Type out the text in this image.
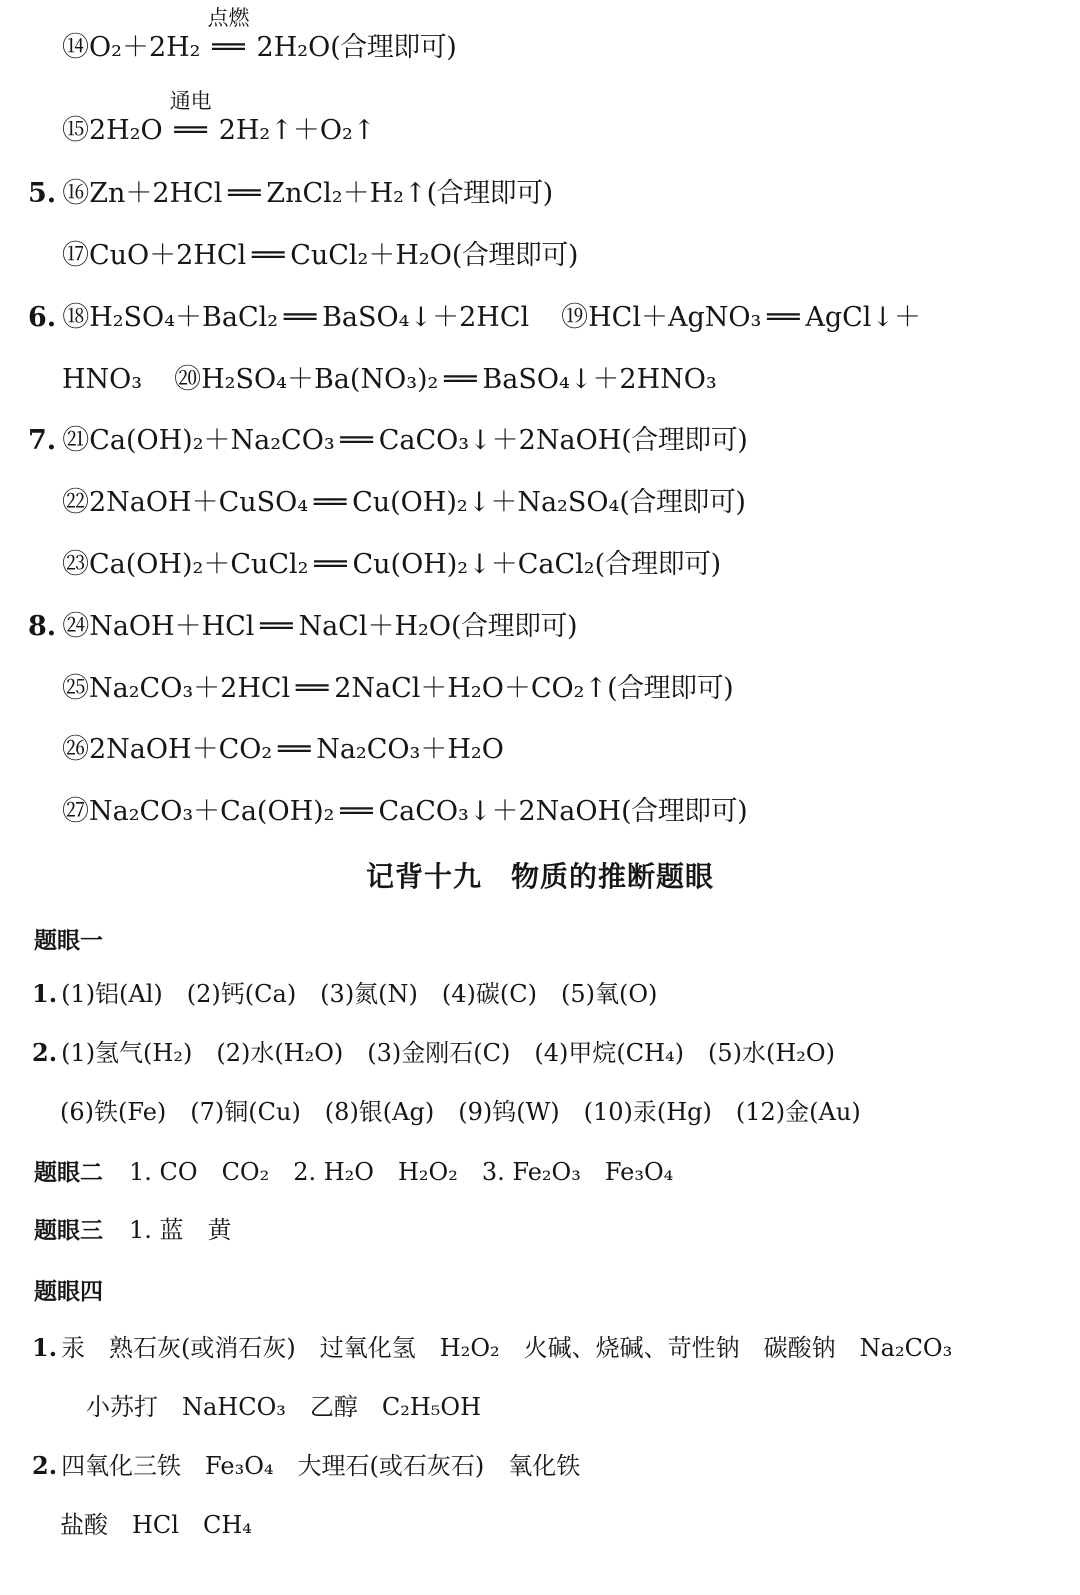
⑭O₂＋2H₂
点燃
══ 2H₂O(合理即可)
⑮2H₂O
通电
══ 2H₂↑＋O₂↑
5. ⑯Zn＋2HCl ══ ZnCl₂＋H₂↑(合理即可)
⑰CuO＋2HCl ══ CuCl₂＋H₂O(合理即可)
6. ⑱H₂SO₄＋BaCl₂ ══ BaSO₄↓＋2HCl ⑲HCl＋AgNO₃ ══ AgCl↓＋
HNO₃ ⑳H₂SO₄＋Ba(NO₃)₂ ══ BaSO₄↓＋2HNO₃
7. ㉑Ca(OH)₂＋Na₂CO₃ ══ CaCO₃↓＋2NaOH(合理即可)
㉒2NaOH＋CuSO₄ ══ Cu(OH)₂↓＋Na₂SO₄(合理即可)
㉓Ca(OH)₂＋CuCl₂ ══ Cu(OH)₂↓＋CaCl₂(合理即可)
8. ㉔NaOH＋HCl ══ NaCl＋H₂O(合理即可)
㉕Na₂CO₃＋2HCl ══ 2NaCl＋H₂O＋CO₂↑(合理即可)
㉖2NaOH＋CO₂ ══ Na₂CO₃＋H₂O
㉗Na₂CO₃＋Ca(OH)₂ ══ CaCO₃↓＋2NaOH(合理即可)
记背十九　物质的推断题眼
题眼一
1. (1)铝(Al)　(2)钙(Ca)　(3)氮(N)　(4)碳(C)　(5)氧(O)
2. (1)氢气(H₂)　(2)水(H₂O)　(3)金刚石(C)　(4)甲烷(CH₄)　(5)水(H₂O)
(6)铁(Fe)　(7)铜(Cu)　(8)银(Ag)　(9)钨(W)　(10)汞(Hg)　(12)金(Au)
题眼二 1. CO　CO₂　2. H₂O　H₂O₂　3. Fe₂O₃　Fe₃O₄
题眼三 1. 蓝　黄
题眼四
1. 汞　熟石灰(或消石灰)　过氧化氢　H₂O₂　火碱、烧碱、苛性钠　碳酸钠　Na₂CO₃
小苏打　NaHCO₃　乙醇　C₂H₅OH
2. 四氧化三铁　Fe₃O₄　大理石(或石灰石)　氧化铁
盐酸　HCl　CH₄
